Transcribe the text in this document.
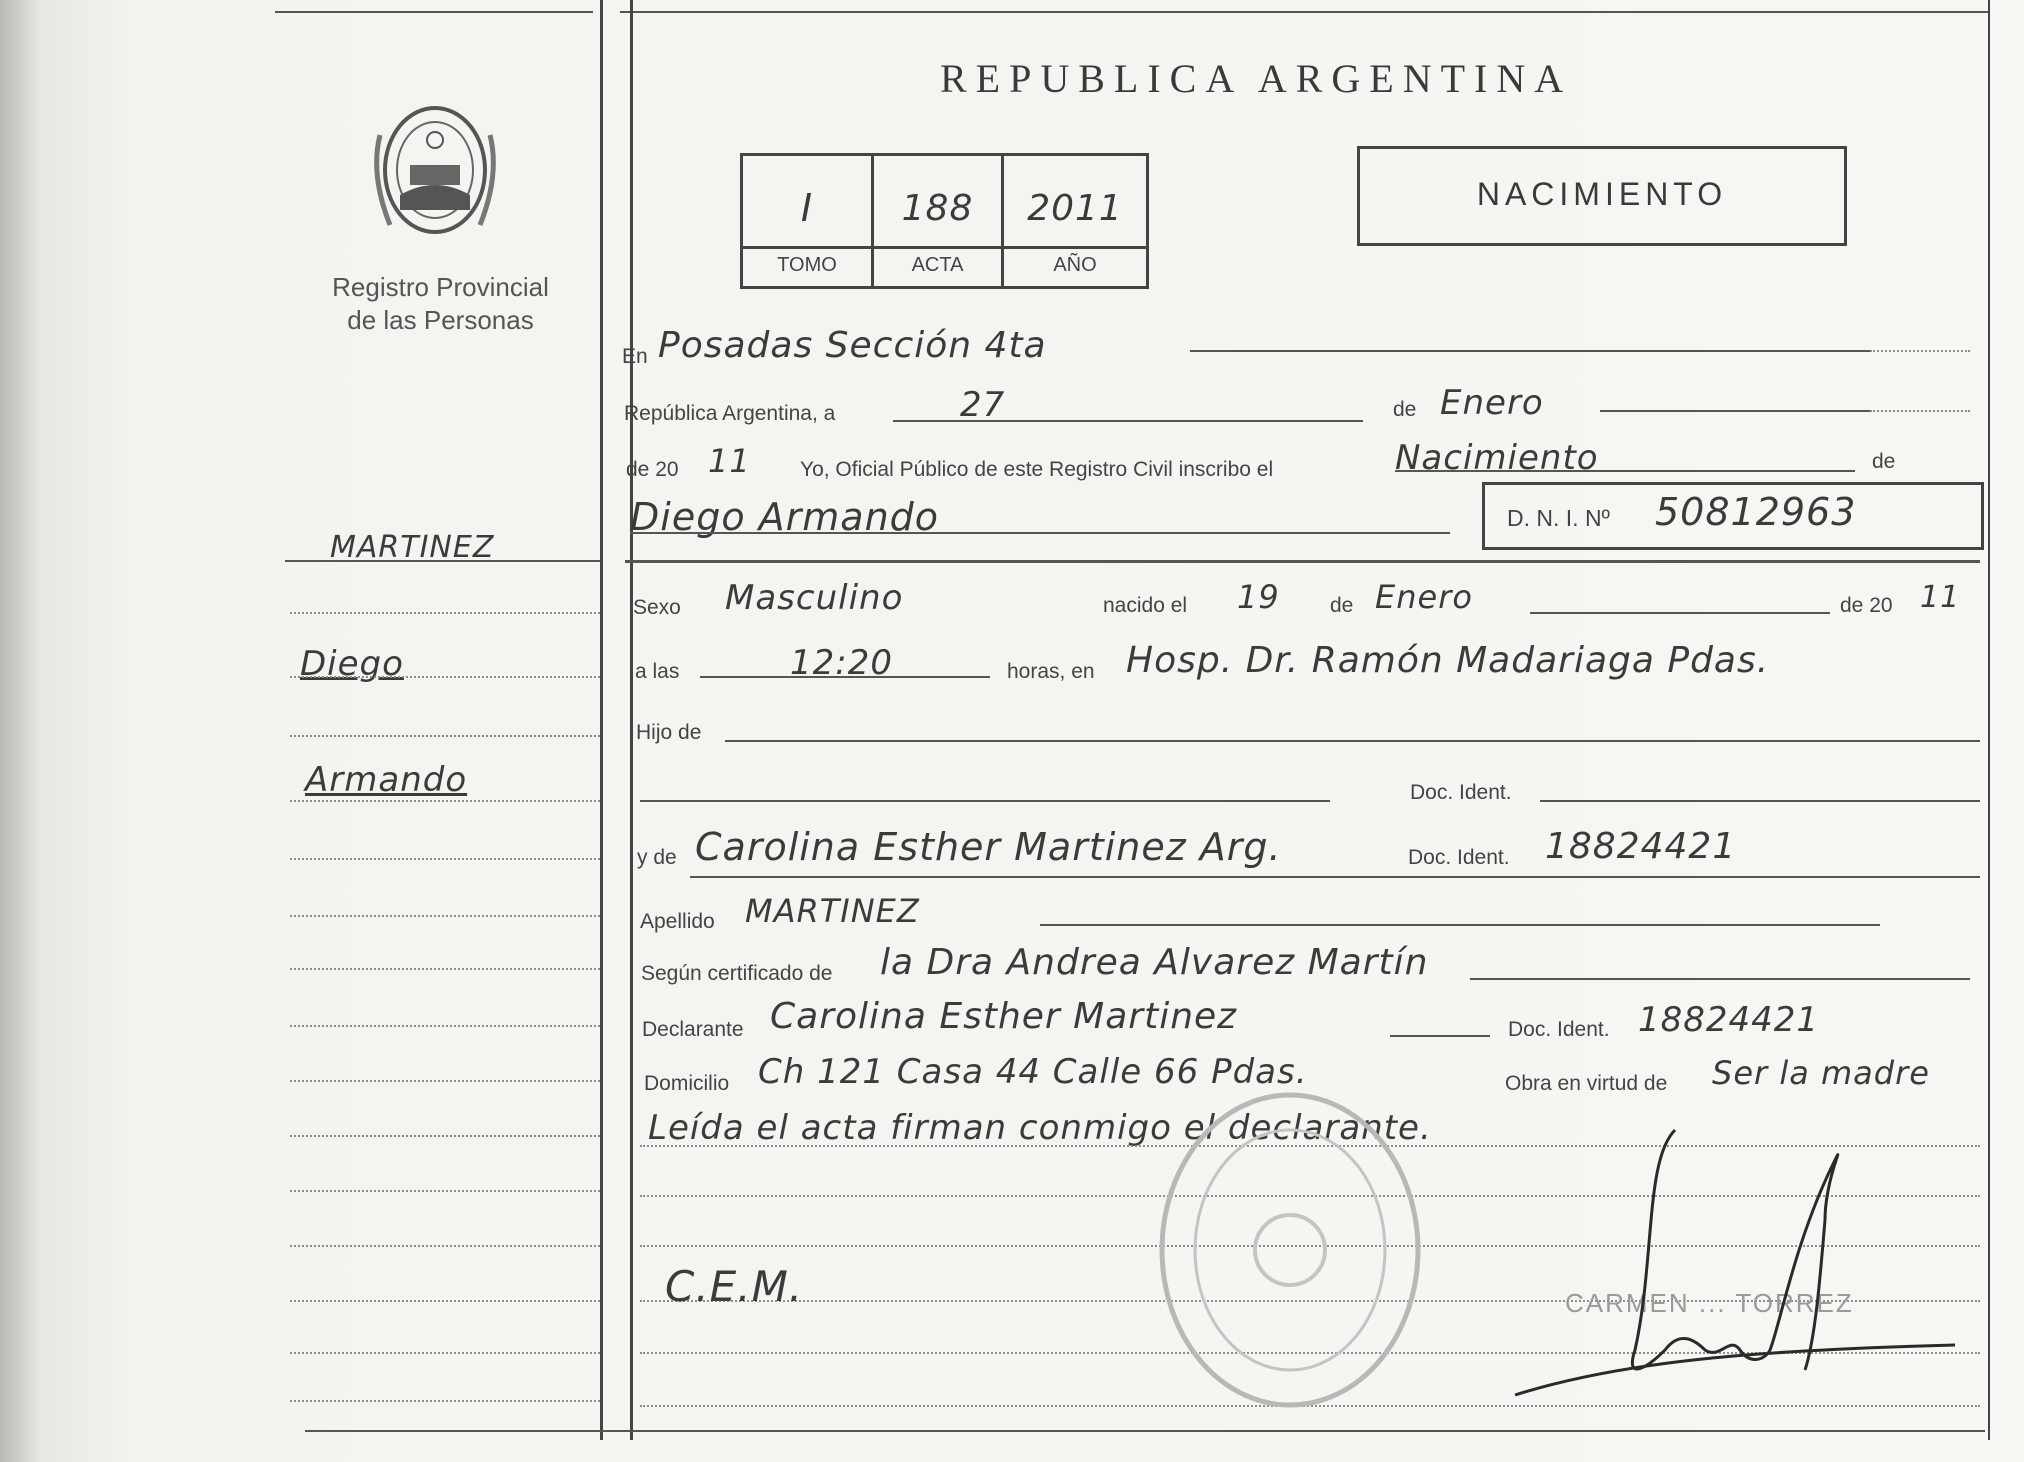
Registro Provincial
de las Personas
REPUBLICA ARGENTINA
I	188	2011
TOMO	ACTA	AÑO
NACIMIENTO
MARTINEZ
Diego
Armando
En Posadas Sección 4ta
República Argentina, a	27	de Enero
de 20 11 Yo, Oficial Público de este Registro Civil inscribo el	Nacimiento	de
Diego Armando	D. N. I. Nº 50812963
Sexo Masculino	nacido el 19 de Enero	de 20 11
a las	12:20	horas, en Hosp. Dr. Ramón Madariaga Pdas.
Hijo de
Doc. Ident.
y de Carolina Esther Martinez Arg.	Doc. Ident. 18824421
Apellido MARTINEZ
Según certificado de la Dra Andrea Alvarez Martín
Declarante Carolina Esther Martinez	Doc. Ident. 18824421
Domicilio Ch 121 Casa 44 Calle 66 Pdas.	Obra en virtud de Ser la madre
Leída el acta firman conmigo el declarante.
C.E.M.	CARMEN ... TORREZ
